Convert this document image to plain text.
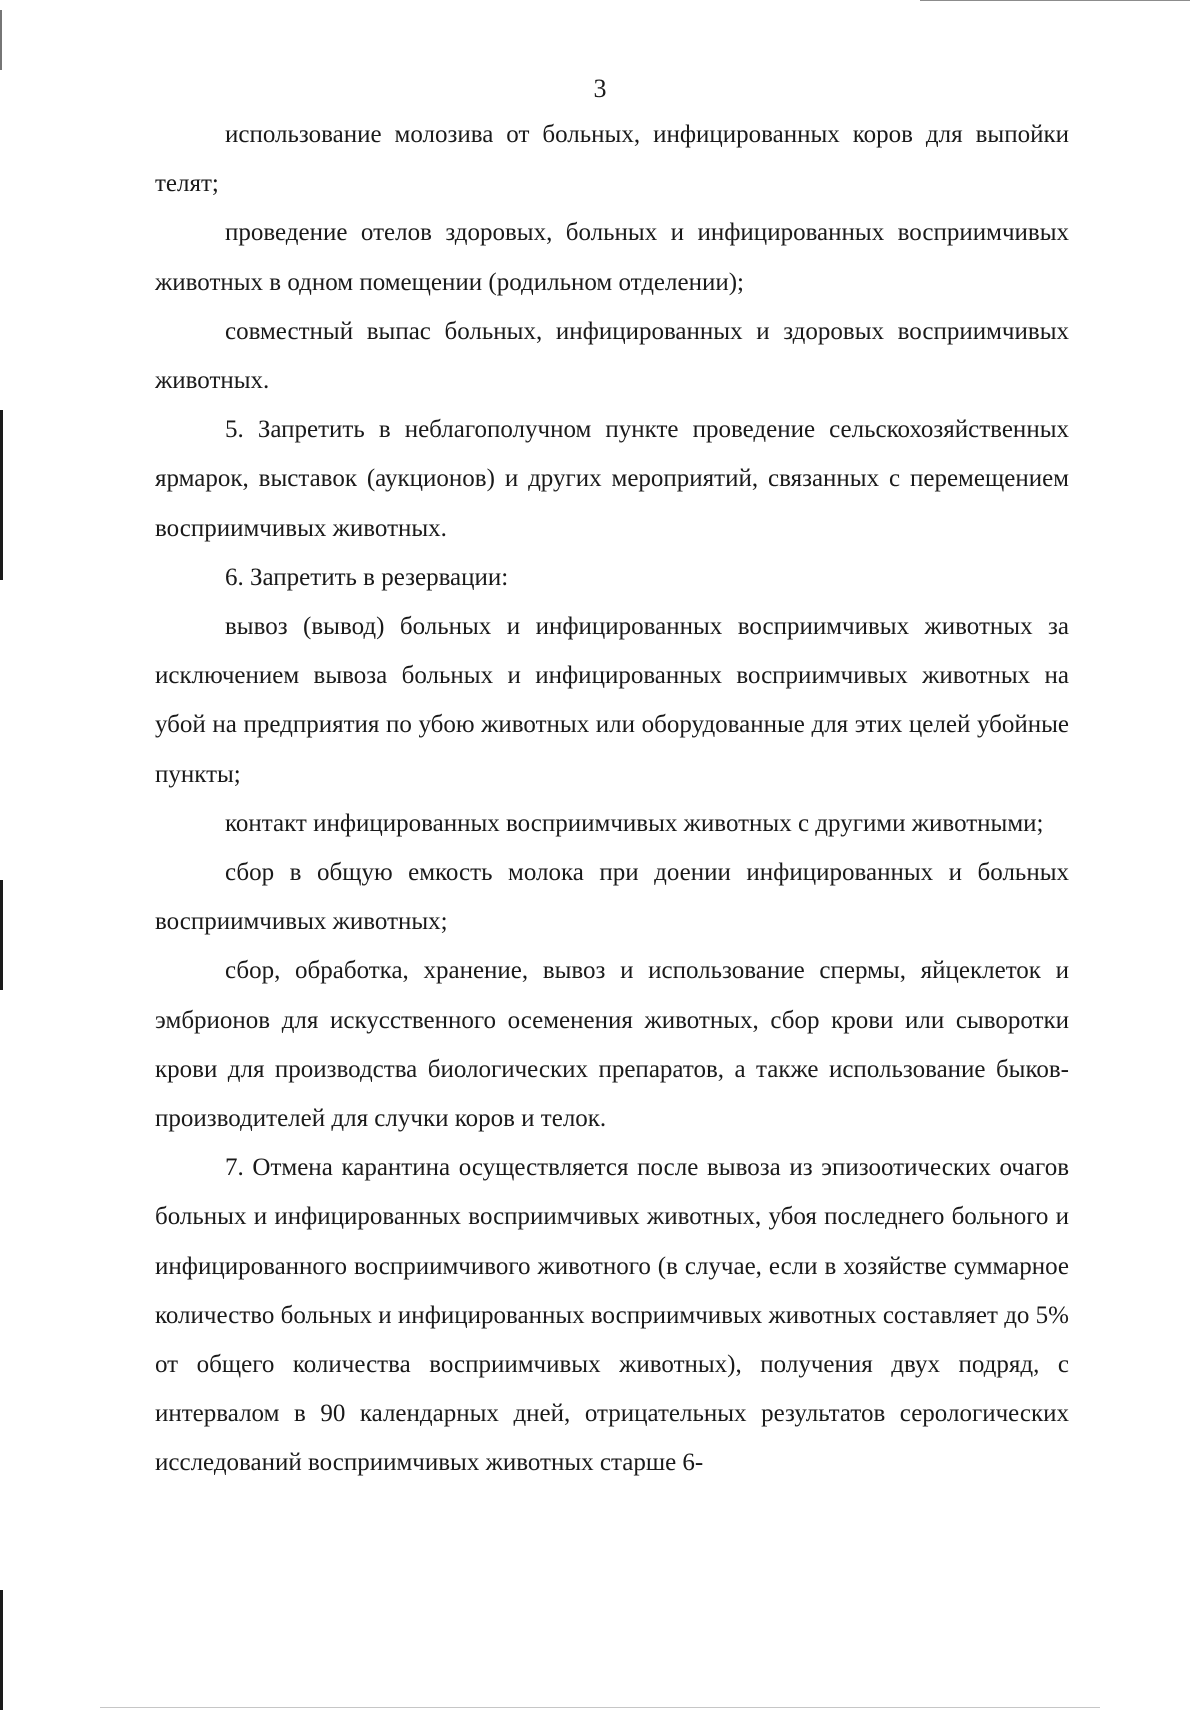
3

использование молозива от больных, инфицированных коров для выпойки телят;

проведение отелов здоровых, больных и инфицированных восприимчивых животных в одном помещении (родильном отделении);

совместный выпас больных, инфицированных и здоровых восприимчивых животных.

5. Запретить в неблагополучном пункте проведение сельскохозяйственных ярмарок, выставок (аукционов) и других мероприятий, связанных с перемещением восприимчивых животных.

6. Запретить в резервации:

вывоз (вывод) больных и инфицированных восприимчивых животных за исключением вывоза больных и инфицированных восприимчивых животных на убой на предприятия по убою животных или оборудованные для этих целей убойные пункты;

контакт инфицированных восприимчивых животных с другими животными;

сбор в общую емкость молока при доении инфицированных и больных восприимчивых животных;

сбор, обработка, хранение, вывоз и использование спермы, яйцеклеток и эмбрионов для искусственного осеменения животных, сбор крови или сыворотки крови для производства биологических препаратов, а также использование быков-производителей для случки коров и телок.

7. Отмена карантина осуществляется после вывоза из эпизоотических очагов больных и инфицированных восприимчивых животных, убоя последнего больного и инфицированного восприимчивого животного (в случае, если в хозяйстве суммарное количество больных и инфицированных восприимчивых животных составляет до 5% от общего количества восприимчивых животных), получения двух подряд, с интервалом в 90 календарных дней, отрицательных результатов серологических исследований восприимчивых животных старше 6-
